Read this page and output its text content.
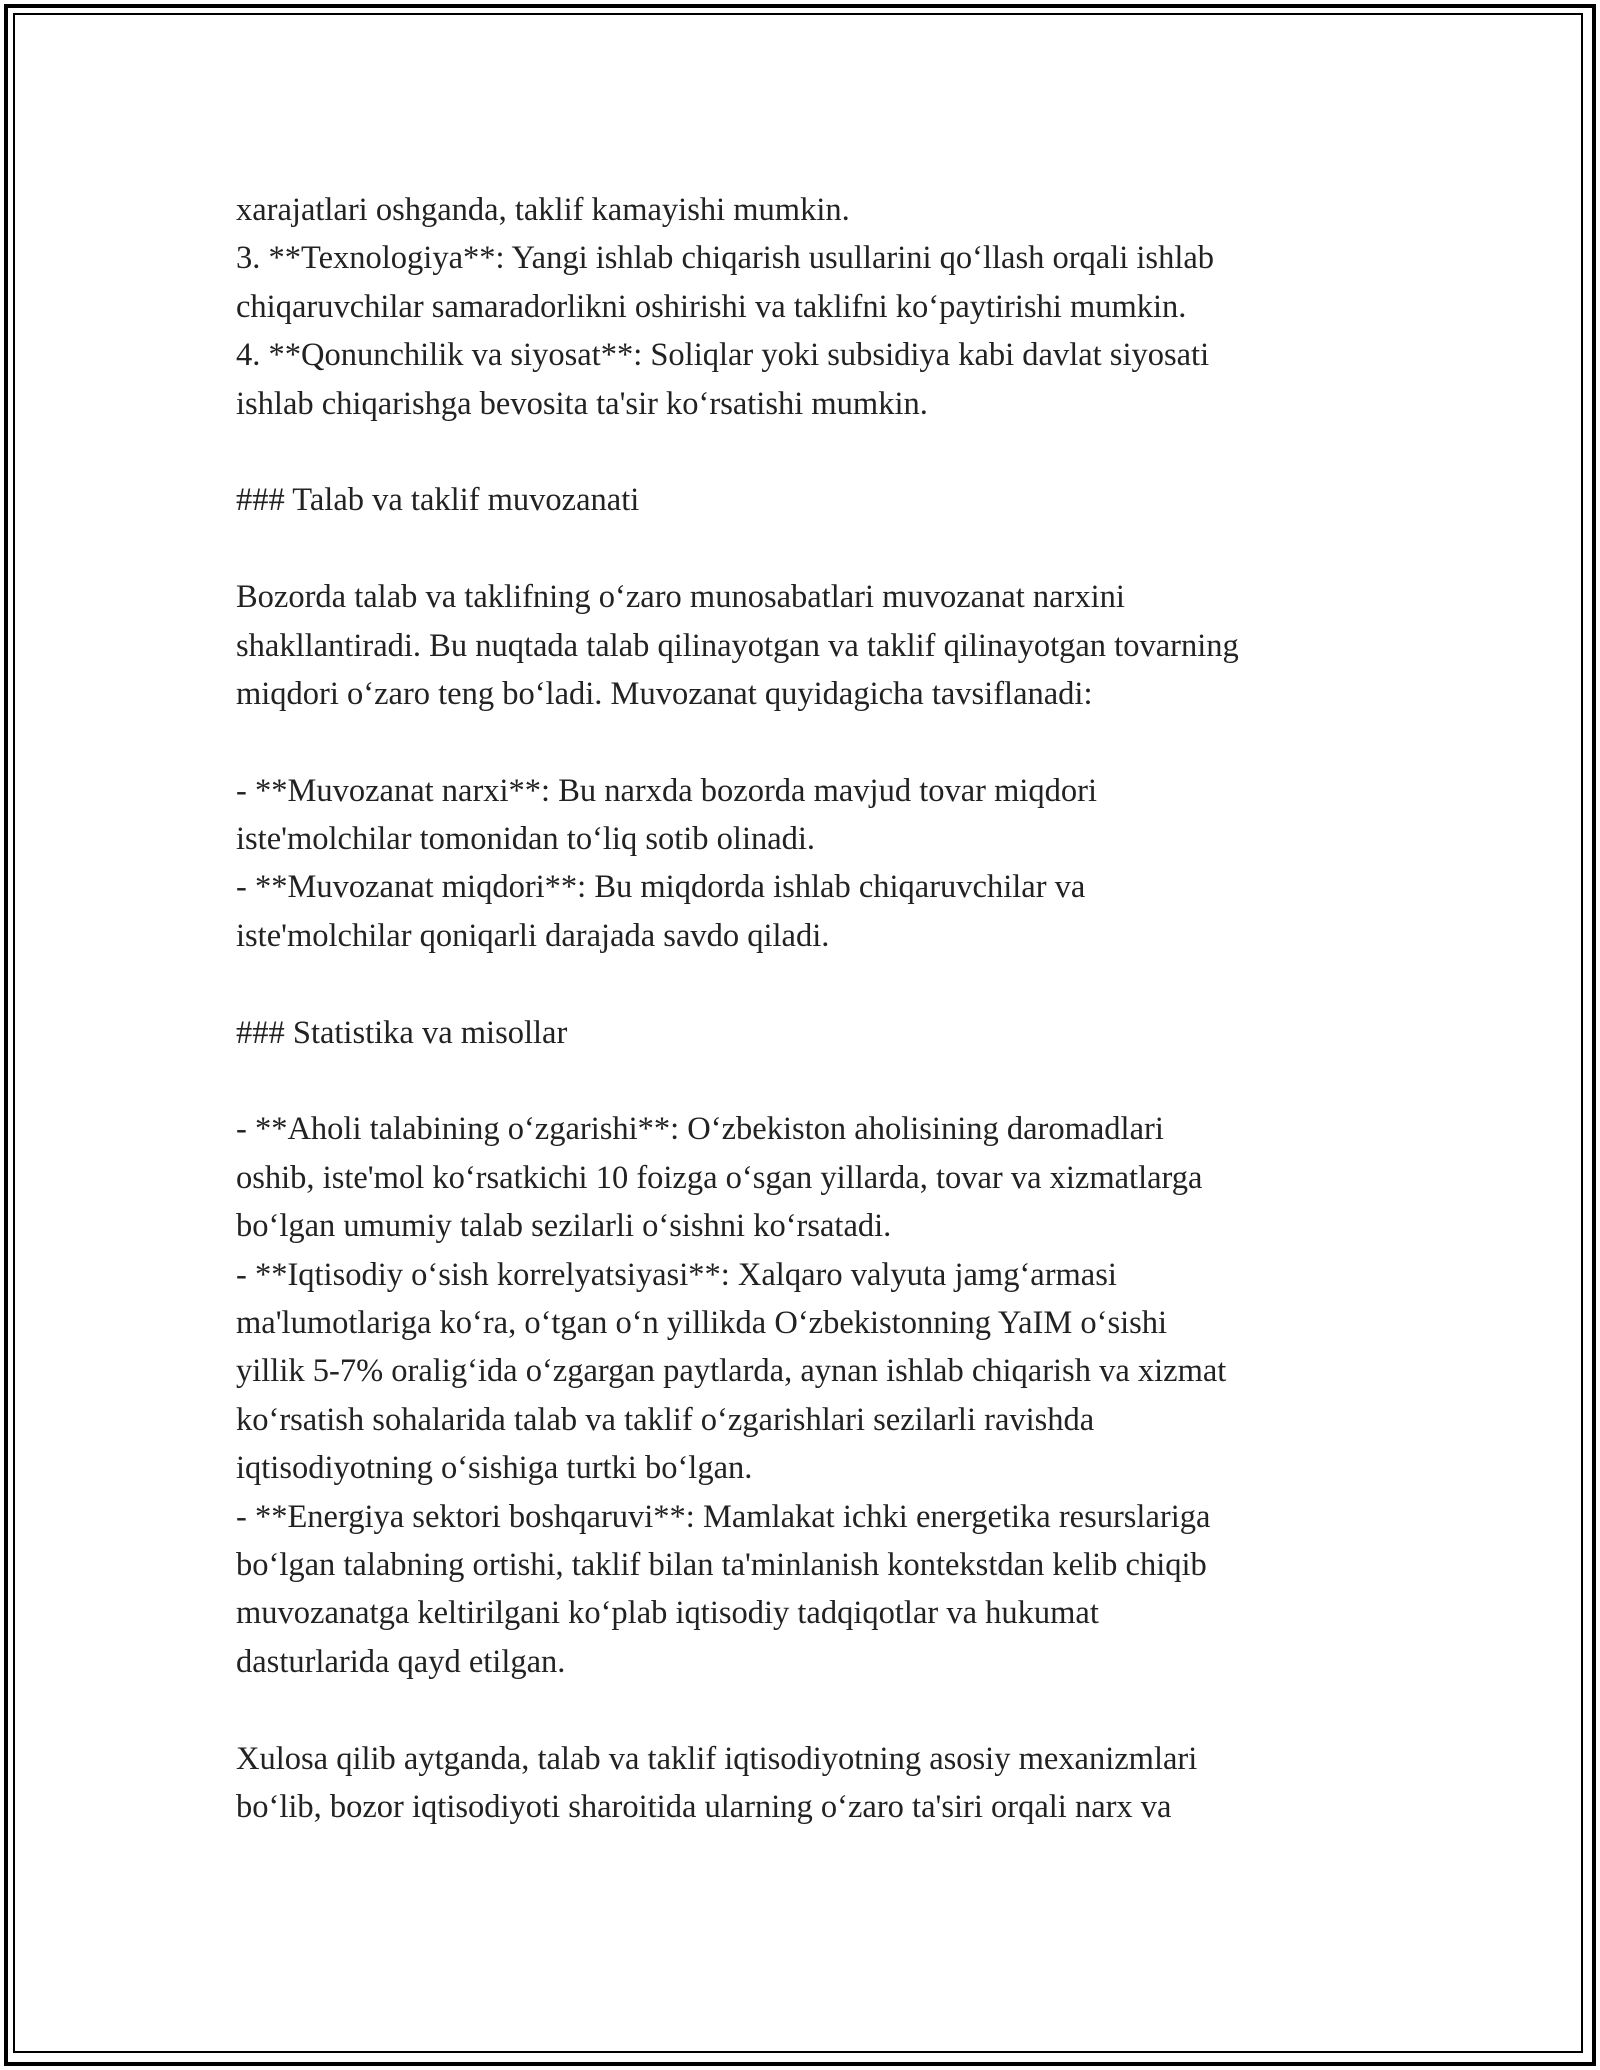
xarajatlari oshganda, taklif kamayishi mumkin.
3. **Texnologiya**: Yangi ishlab chiqarish usullarini qo‘llash orqali ishlab
chiqaruvchilar samaradorlikni oshirishi va taklifni ko‘paytirishi mumkin.
4. **Qonunchilik va siyosat**: Soliqlar yoki subsidiya kabi davlat siyosati
ishlab chiqarishga bevosita ta'sir ko‘rsatishi mumkin.
### Talab va taklif muvozanati
Bozorda talab va taklifning o‘zaro munosabatlari muvozanat narxini
shakllantiradi. Bu nuqtada talab qilinayotgan va taklif qilinayotgan tovarning
miqdori o‘zaro teng bo‘ladi. Muvozanat quyidagicha tavsiflanadi:
- **Muvozanat narxi**: Bu narxda bozorda mavjud tovar miqdori
iste'molchilar tomonidan to‘liq sotib olinadi.
- **Muvozanat miqdori**: Bu miqdorda ishlab chiqaruvchilar va
iste'molchilar qoniqarli darajada savdo qiladi.
### Statistika va misollar
- **Aholi talabining o‘zgarishi**: O‘zbekiston aholisining daromadlari
oshib, iste'mol ko‘rsatkichi 10 foizga o‘sgan yillarda, tovar va xizmatlarga
bo‘lgan umumiy talab sezilarli o‘sishni ko‘rsatadi.
- **Iqtisodiy o‘sish korrelyatsiyasi**: Xalqaro valyuta jamg‘armasi
ma'lumotlariga ko‘ra, o‘tgan o‘n yillikda O‘zbekistonning YaIM o‘sishi
yillik 5-7% oralig‘ida o‘zgargan paytlarda, aynan ishlab chiqarish va xizmat
ko‘rsatish sohalarida talab va taklif o‘zgarishlari sezilarli ravishda
iqtisodiyotning o‘sishiga turtki bo‘lgan.
- **Energiya sektori boshqaruvi**: Mamlakat ichki energetika resurslariga
bo‘lgan talabning ortishi, taklif bilan ta'minlanish kontekstdan kelib chiqib
muvozanatga keltirilgani ko‘plab iqtisodiy tadqiqotlar va hukumat
dasturlarida qayd etilgan.
Xulosa qilib aytganda, talab va taklif iqtisodiyotning asosiy mexanizmlari
bo‘lib, bozor iqtisodiyoti sharoitida ularning o‘zaro ta'siri orqali narx va
